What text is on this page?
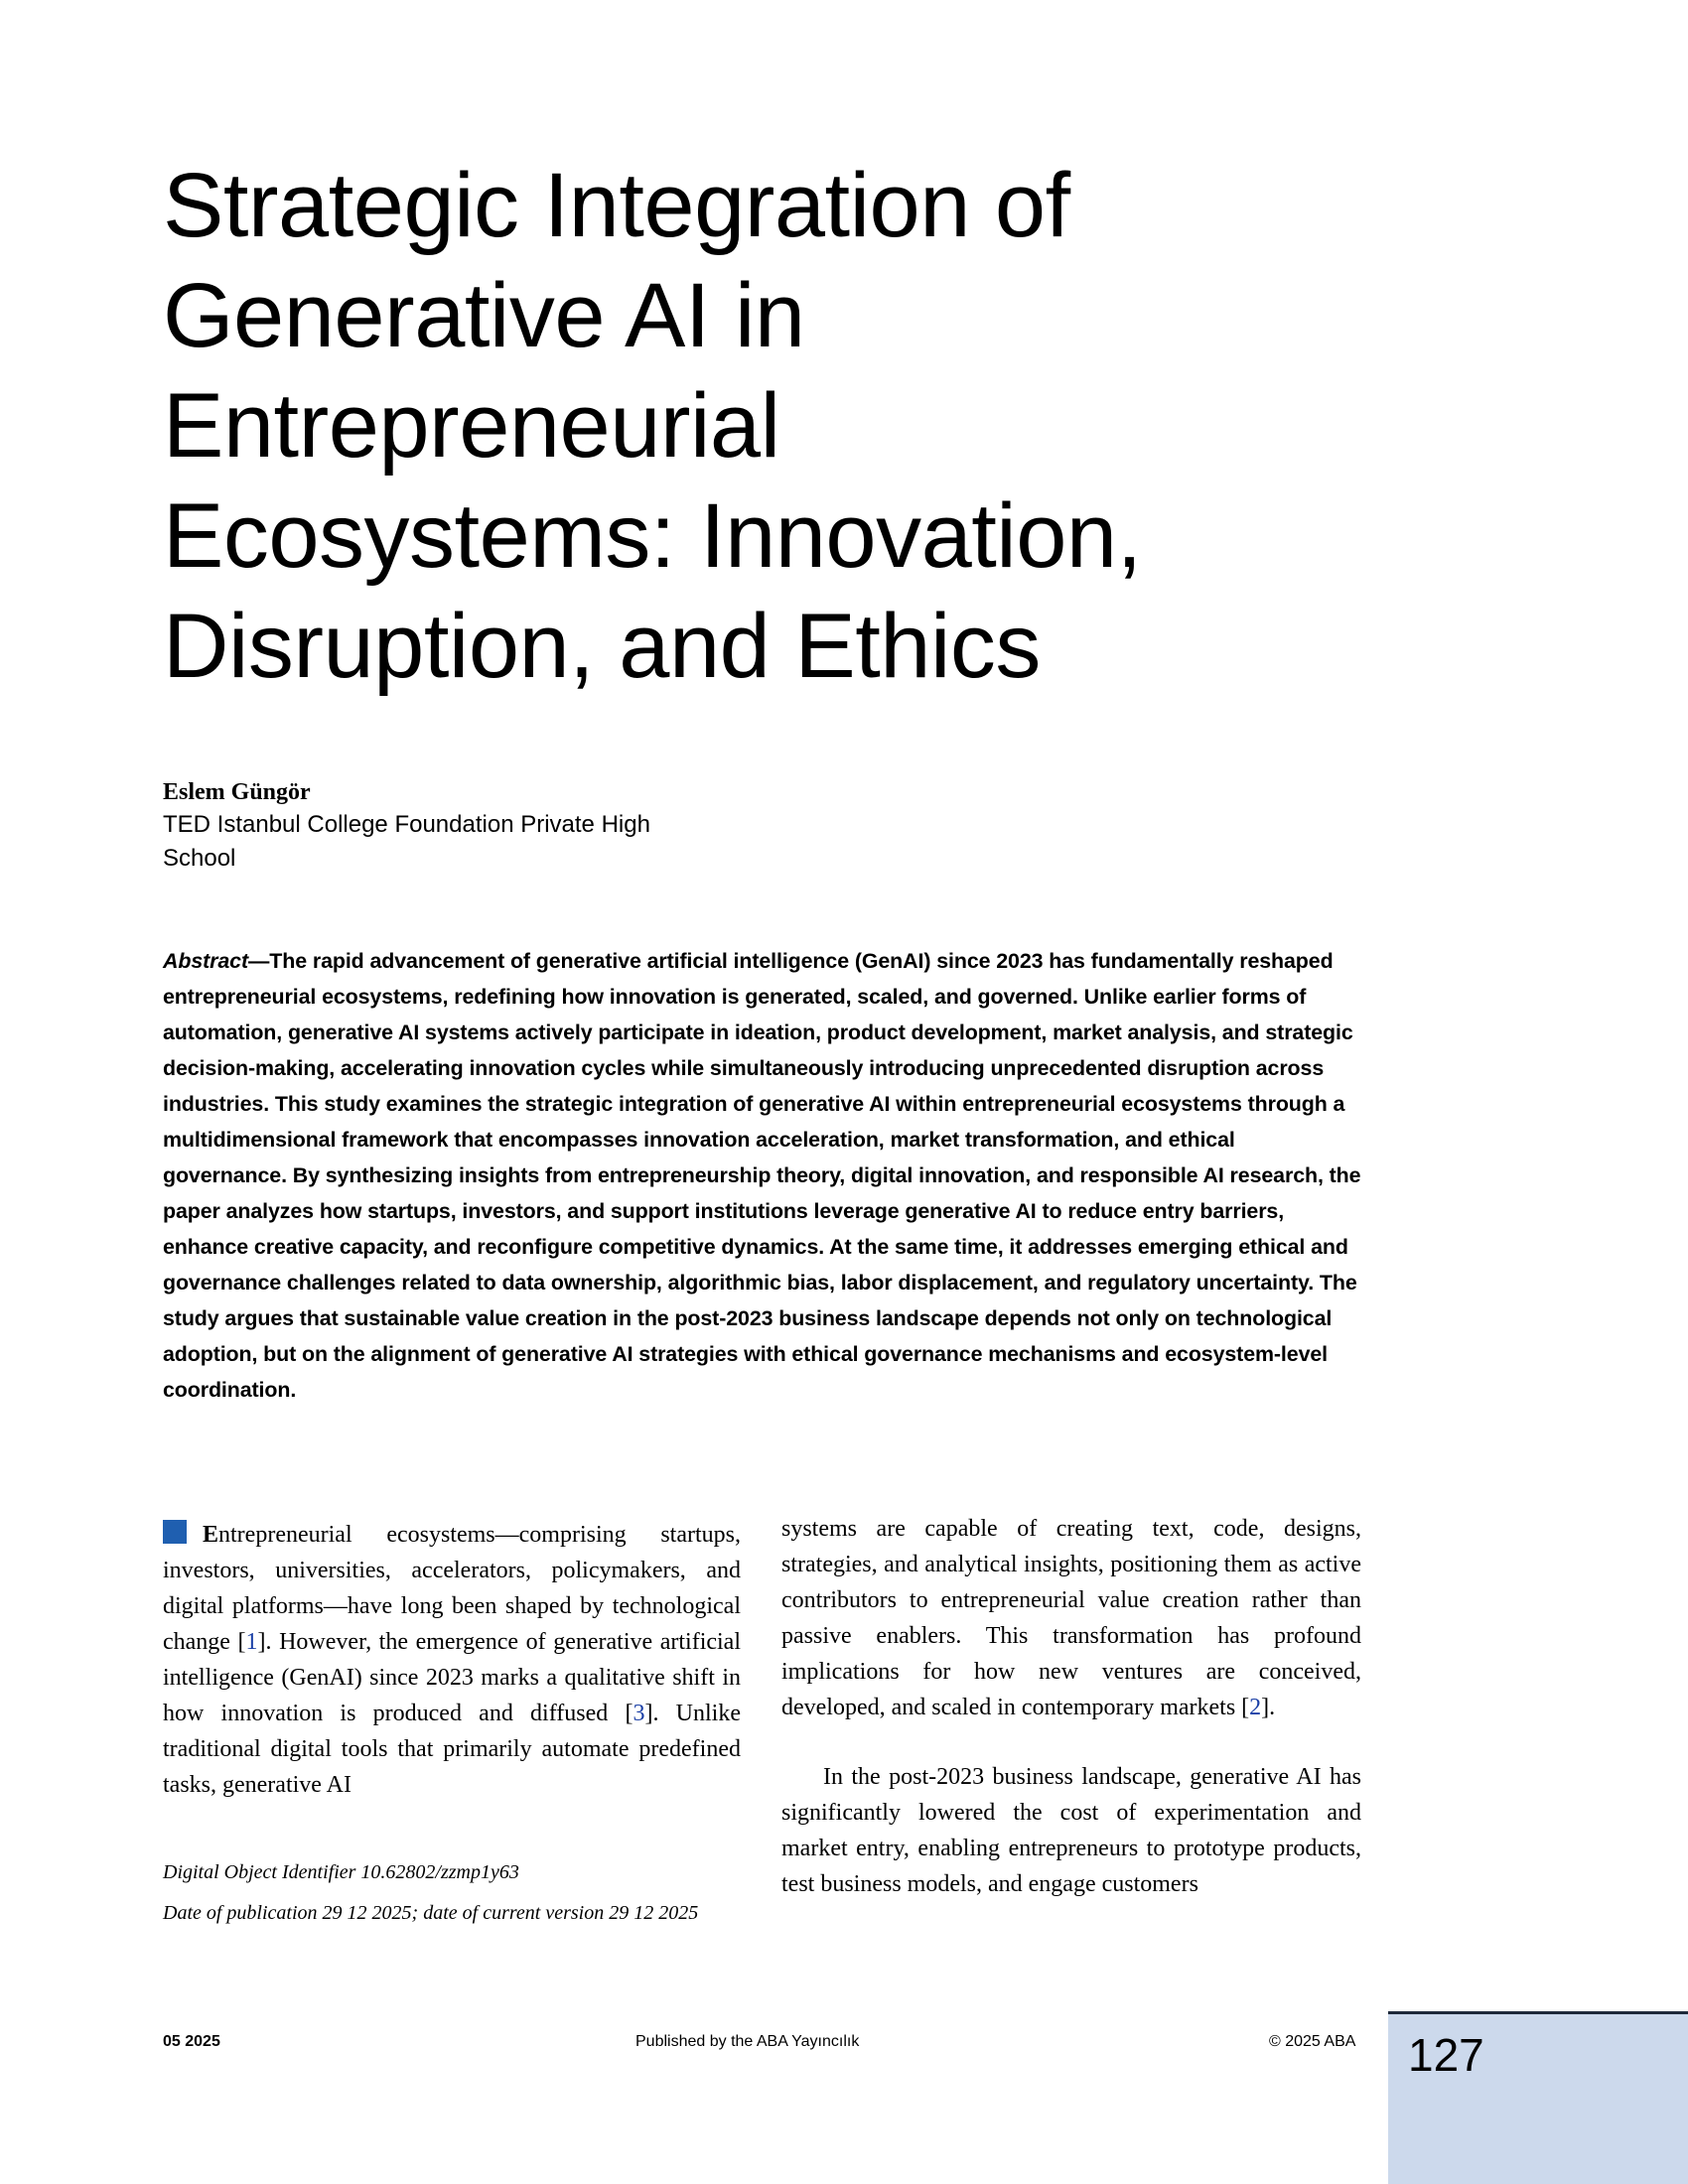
Strategic Integration of
Generative AI in
Entrepreneurial
Ecosystems: Innovation,
Disruption, and Ethics

Eslem Güngör

TED Istanbul College Foundation Private High School

Abstract—The rapid advancement of generative artificial intelligence (GenAI) since 2023 has fundamentally reshaped entrepreneurial ecosystems, redefining how innovation is generated, scaled, and governed. Unlike earlier forms of automation, generative AI systems actively participate in ideation, product development, market analysis, and strategic decision-making, accelerating innovation cycles while simultaneously introducing unprecedented disruption across industries. This study examines the strategic integration of generative AI within entrepreneurial ecosystems through a multidimensional framework that encompasses innovation acceleration, market transformation, and ethical governance. By synthesizing insights from entrepreneurship theory, digital innovation, and responsible AI research, the paper analyzes how startups, investors, and support institutions leverage generative AI to reduce entry barriers, enhance creative capacity, and reconfigure competitive dynamics. At the same time, it addresses emerging ethical and governance challenges related to data ownership, algorithmic bias, labor displacement, and regulatory uncertainty. The study argues that sustainable value creation in the post-2023 business landscape depends not only on technological adoption, but on the alignment of generative AI strategies with ethical governance mechanisms and ecosystem-level coordination.

Entrepreneurial ecosystems—comprising startups, investors, universities, accelerators, policymakers, and digital platforms—have long been shaped by technological change [1]. However, the emergence of generative artificial intelligence (GenAI) since 2023 marks a qualitative shift in how innovation is produced and diffused [3]. Unlike traditional digital tools that primarily automate predefined tasks, generative AI

systems are capable of creating text, code, designs, strategies, and analytical insights, positioning them as active contributors to entrepreneurial value creation rather than passive enablers. This transformation has profound implications for how new ventures are conceived, developed, and scaled in contemporary markets [2].

In the post-2023 business landscape, generative AI has significantly lowered the cost of experimentation and market entry, enabling entrepreneurs to prototype products, test business models, and engage customers

Digital Object Identifier 10.62802/zzmp1y63
Date of publication 29 12 2025; date of current version 29 12 2025

05 2025	Published by the ABA Yayıncılık	© 2025 ABA 127
